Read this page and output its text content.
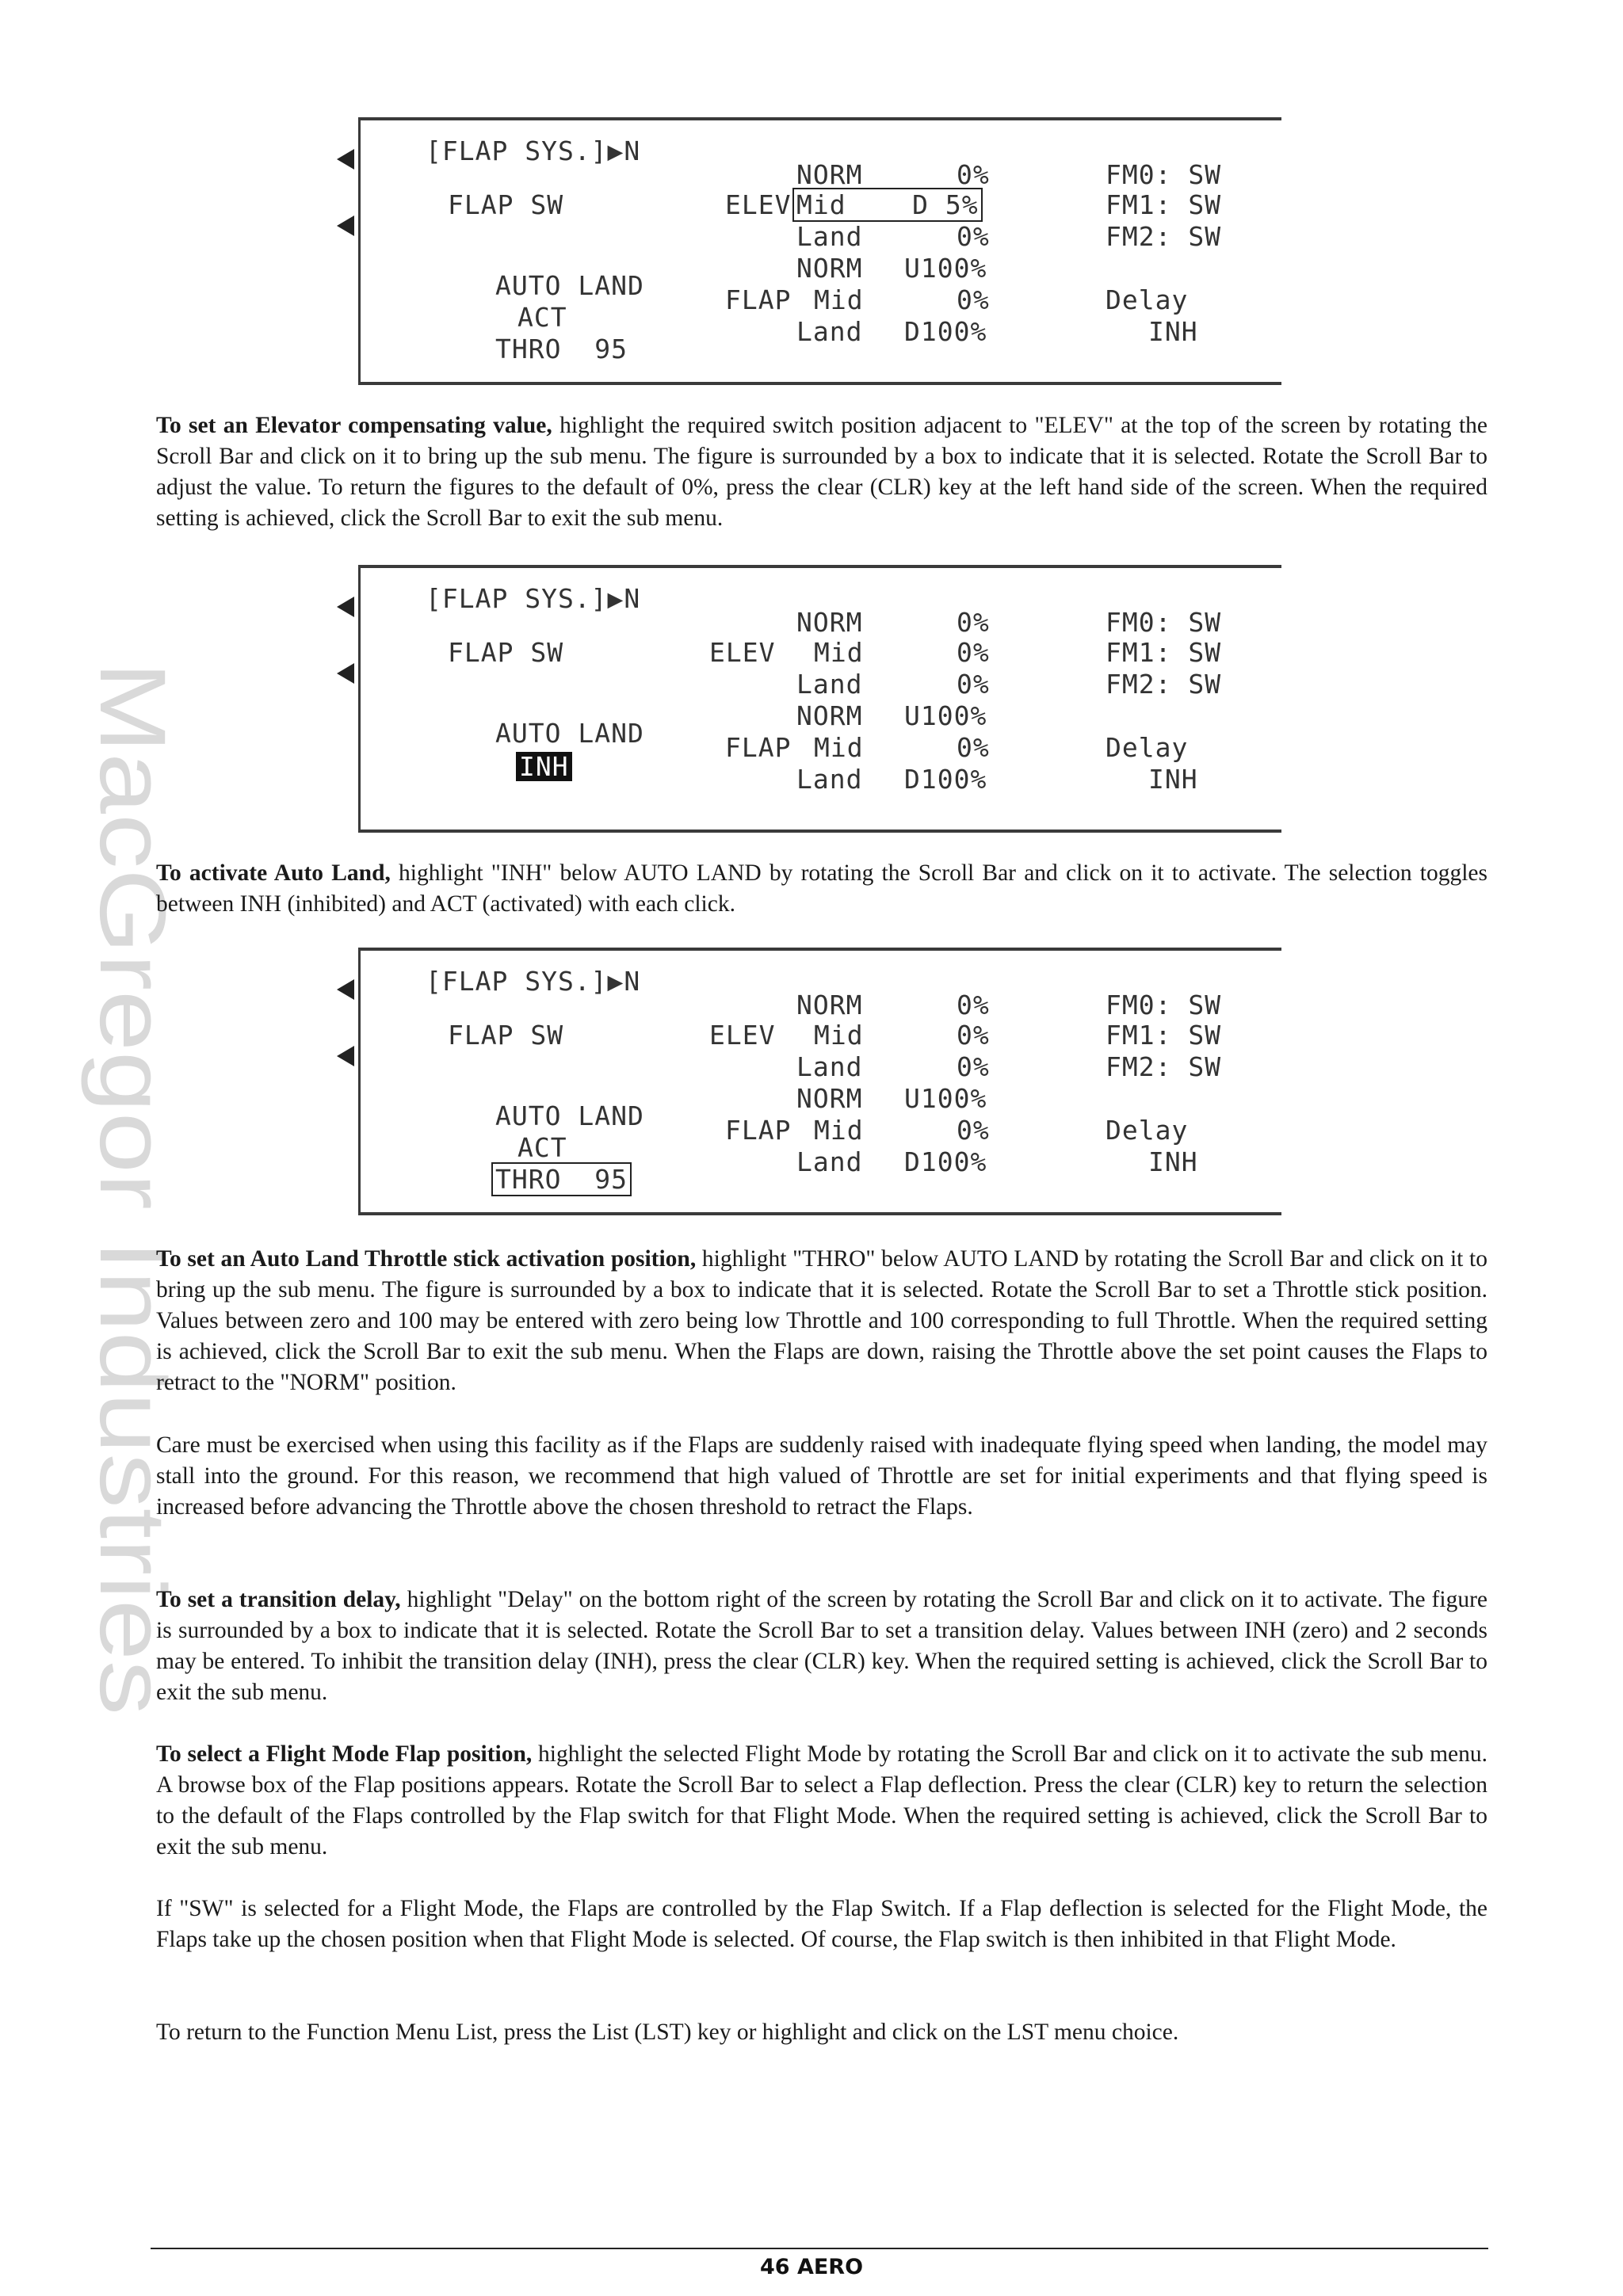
MacGregor Industries
[FLAP SYS.]▶N
FLAP SW
AUTO LAND
ACT
THRO 95
ELEV
NORM	0%
Mid	D 5%
Land	0%
NORM U100%
FLAP Mid	0%
Land D100%
FM0: SW
FM1: SW
FM2: SW
Delay
INH

To set an Elevator compensating value, highlight the required switch position adjacent to "ELEV" at the top of the screen by rotating the Scroll Bar and click on it to bring up the sub menu. The figure is surrounded by a box to indicate that it is selected. Rotate the Scroll Bar to adjust the value. To return the figures to the default of 0%, press the clear (CLR) key at the left hand side of the screen. When the required setting is achieved, click the Scroll Bar to exit the sub menu.

[FLAP SYS.]▶N
FLAP SW
AUTO LAND
INH
ELEV
NORM	0%
Mid	0%
Land	0%
NORM U100%
FLAP Mid	0%
Land D100%
FM0: SW
FM1: SW
FM2: SW
Delay
INH

To activate Auto Land, highlight "INH" below AUTO LAND by rotating the Scroll Bar and click on it to activate. The selection toggles between INH (inhibited) and ACT (activated) with each click.

[FLAP SYS.]▶N
FLAP SW
AUTO LAND
ACT
THRO 95
ELEV
NORM	0%
Mid	0%
Land	0%
NORM U100%
FLAP Mid	0%
Land D100%
FM0: SW
FM1: SW
FM2: SW
Delay
INH

To set an Auto Land Throttle stick activation position, highlight "THRO" below AUTO LAND by rotating the Scroll Bar and click on it to bring up the sub menu. The figure is surrounded by a box to indicate that it is selected. Rotate the Scroll Bar to set a Throttle stick position. Values between zero and 100 may be entered with zero being low Throttle and 100 corresponding to full Throttle. When the required setting is achieved, click the Scroll Bar to exit the sub menu. When the Flaps are down, raising the Throttle above the set point causes the Flaps to retract to the "NORM" position.

Care must be exercised when using this facility as if the Flaps are suddenly raised with inadequate flying speed when landing, the model may stall into the ground. For this reason, we recommend that high valued of Throttle are set for initial experiments and that flying speed is increased before advancing the Throttle above the chosen threshold to retract the Flaps.

To set a transition delay, highlight "Delay" on the bottom right of the screen by rotating the Scroll Bar and click on it to activate. The figure is surrounded by a box to indicate that it is selected. Rotate the Scroll Bar to set a transition delay. Values between INH (zero) and 2 seconds may be entered. To inhibit the transition delay (INH), press the clear (CLR) key. When the required setting is achieved, click the Scroll Bar to exit the sub menu.

To select a Flight Mode Flap position, highlight the selected Flight Mode by rotating the Scroll Bar and click on it to activate the sub menu. A browse box of the Flap positions appears. Rotate the Scroll Bar to select a Flap deflection. Press the clear (CLR) key to return the selection to the default of the Flaps controlled by the Flap switch for that Flight Mode. When the required setting is achieved, click the Scroll Bar to exit the sub menu.

If "SW" is selected for a Flight Mode, the Flaps are controlled by the Flap Switch. If a Flap deflection is selected for the Flight Mode, the Flaps take up the chosen position when that Flight Mode is selected. Of course, the Flap switch is then inhibited in that Flight Mode.

To return to the Function Menu List, press the List (LST) key or highlight and click on the LST menu choice.

46 AERO
